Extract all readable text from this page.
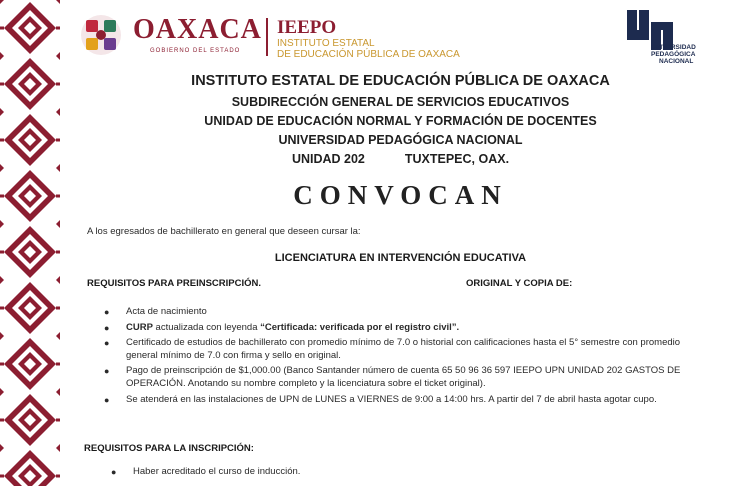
OAXACA
GOBIERNO DEL ESTADO
IEEPO
INSTITUTO ESTATAL
DE EDUCACIÓN PÚBLICA DE OAXACA
UNIVERSIDAD
PEDAGÓGICA
NACIONAL
INSTITUTO ESTATAL DE EDUCACIÓN PÚBLICA DE OAXACA
SUBDIRECCIÓN GENERAL DE SERVICIOS EDUCATIVOS
UNIDAD DE EDUCACIÓN NORMAL Y FORMACIÓN DE DOCENTES
UNIVERSIDAD PEDAGÓGICA NACIONAL
UNIDAD 202	TUXTEPEC, OAX.
CONVOCAN
A los egresados de bachillerato en general que deseen cursar la:
LICENCIATURA EN INTERVENCIÓN EDUCATIVA
REQUISITOS PARA PREINSCRIPCIÓN.	ORIGINAL Y COPIA DE:
● Acta de nacimiento
● CURP actualizada con leyenda “Certificada: verificada por el registro civil”.
● Certificado de estudios de bachillerato con promedio mínimo de 7.0 o historial con calificaciones hasta el 5° semestre con promedio general mínimo de 7.0 con firma y sello en original.
● Pago de preinscripción de $1,000.00 (Banco Santander número de cuenta 65 50 96 36 597 IEEPO UPN UNIDAD 202 GASTOS DE OPERACIÓN. Anotando su nombre completo y la licenciatura sobre el ticket original).
● Se atenderá en las instalaciones de UPN de LUNES a VIERNES de 9:00 a 14:00 hrs. A partir del 7 de abril hasta agotar cupo.
REQUISITOS PARA LA INSCRIPCIÓN:
● Haber acreditado el curso de inducción.
